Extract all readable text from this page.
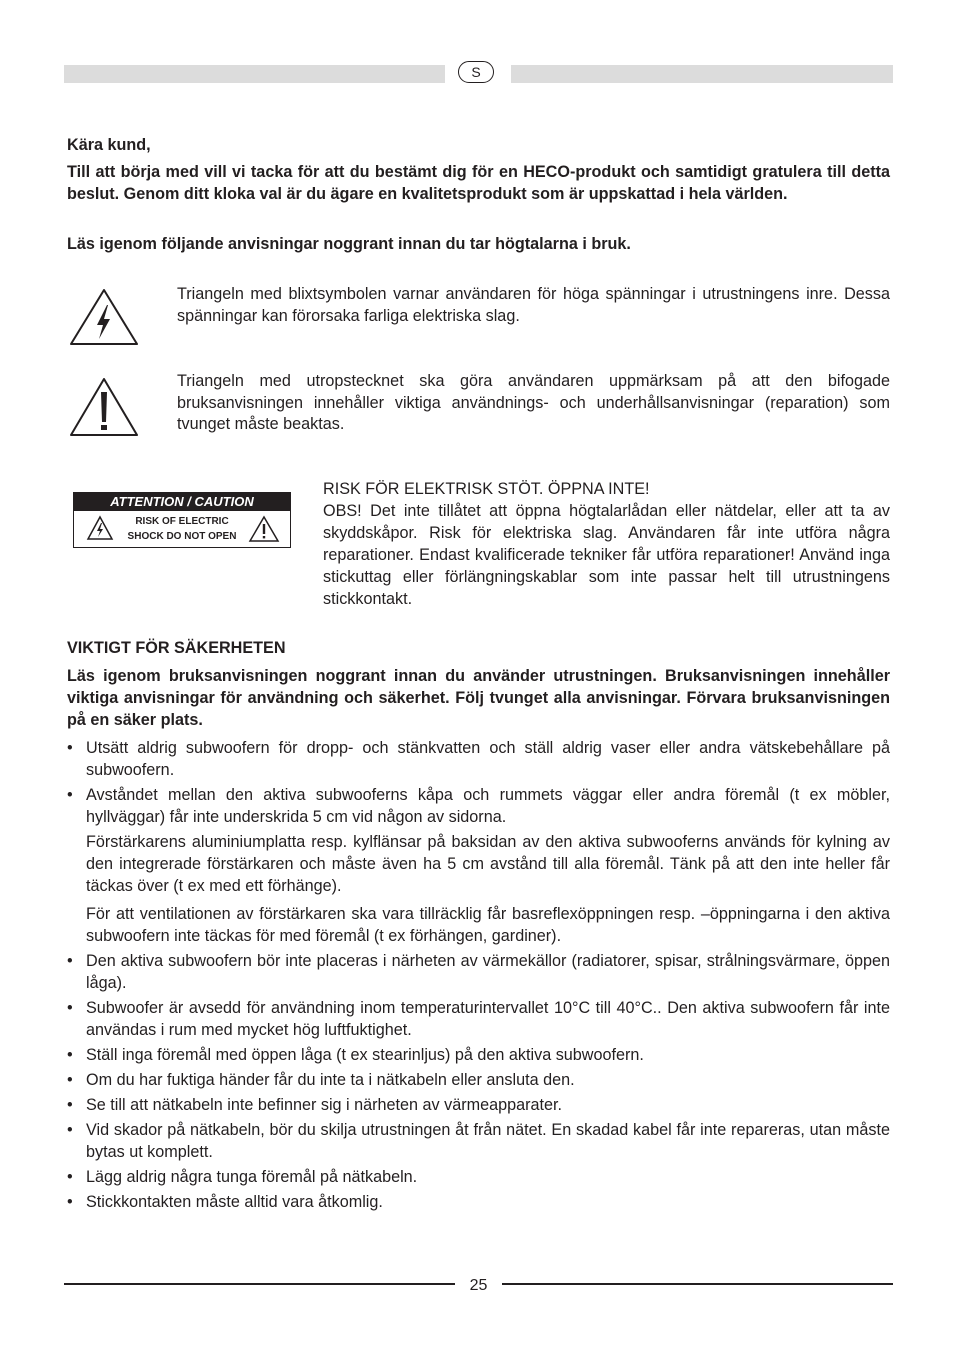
S

Kära kund,

Till att börja med vill vi tacka för att du bestämt dig för en HECO-produkt och samtidigt gratulera till detta beslut. Genom ditt kloka val är du ägare en kvalitetsprodukt som är uppskattad i hela världen.

Läs igenom följande anvisningar noggrant innan du tar högtalarna i bruk.

Triangeln med blixtsymbolen varnar användaren för höga spänningar i utrustningens inre. Dessa spänningar kan förorsaka farliga elektriska slag.

Triangeln med utropstecknet ska göra användaren uppmärksam på att den bifogade bruksanvisningen innehåller viktiga användnings- och underhållsanvisningar (reparation) som tvunget måste beaktas.

ATTENTION / CAUTION
RISK OF ELECTRIC
SHOCK DO NOT OPEN

RISK FÖR ELEKTRISK STÖT. ÖPPNA INTE!

OBS! Det inte tillåtet att öppna högtalarlådan eller nätdelar, eller att ta av skyddskåpor. Risk för elektriska slag. Användaren får inte utföra några reparationer. Endast kvalificerade tekniker får utföra reparationer! Använd inga stickuttag eller förlängningskablar som inte passar helt till utrustningens stickkontakt.

VIKTIGT FÖR SÄKERHETEN

Läs igenom bruksanvisningen noggrant innan du använder utrustningen. Bruksanvisningen innehåller viktiga anvisningar för användning och säkerhet. Följ tvunget alla anvisningar. Förvara bruksanvisningen på en säker plats.

• Utsätt aldrig subwoofern för dropp- och stänkvatten och ställ aldrig vaser eller andra vätskebehållare på subwoofern.
• Avståndet mellan den aktiva subwooferns kåpa och rummets väggar eller andra föremål (t ex möbler, hyllväggar) får inte underskrida 5 cm vid någon av sidorna.
Förstärkarens aluminiumplatta resp. kylflänsar på baksidan av den aktiva subwooferns används för kylning av den integrerade förstärkaren och måste även ha 5 cm avstånd till alla föremål. Tänk på att den inte heller får täckas över (t ex med ett förhänge).
För att ventilationen av förstärkaren ska vara tillräcklig får basreflexöppningen resp. –öppningarna i den aktiva subwoofern inte täckas för med föremål (t ex förhängen, gardiner).
• Den aktiva subwoofern bör inte placeras i närheten av värmekällor (radiatorer, spisar, strålningsvärmare, öppen låga).
• Subwoofer är avsedd för användning inom temperaturintervallet 10°C till 40°C.. Den aktiva subwoofern får inte användas i rum med mycket hög luftfuktighet.
• Ställ inga föremål med öppen låga (t ex stearinljus) på den aktiva subwoofern.
• Om du har fuktiga händer får du inte ta i nätkabeln eller ansluta den.
• Se till att nätkabeln inte befinner sig i närheten av värmeapparater.
• Vid skador på nätkabeln, bör du skilja utrustningen åt från nätet. En skadad kabel får inte repareras, utan måste bytas ut komplett.
• Lägg aldrig några tunga föremål på nätkabeln.
• Stickkontakten måste alltid vara åtkomlig.
25
